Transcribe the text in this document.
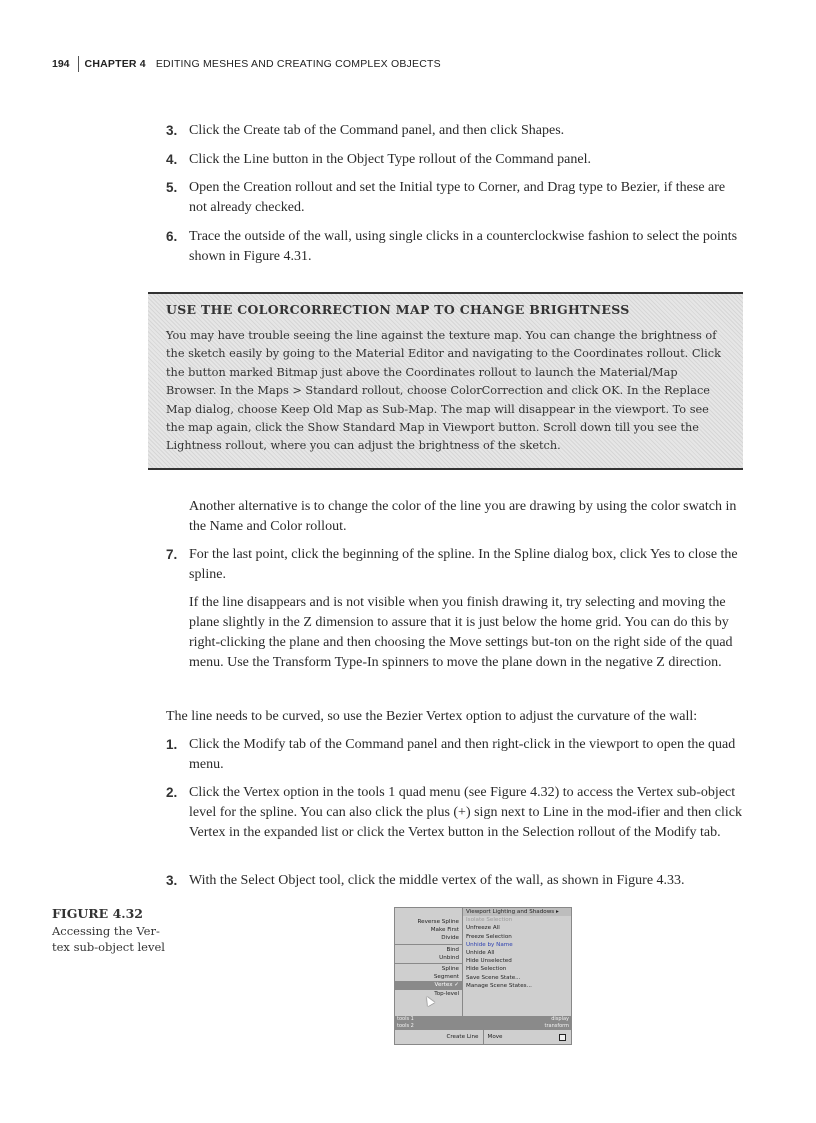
194 CHAPTER 4 EDITING MESHES AND CREATING COMPLEX OBJECTS
3. Click the Create tab of the Command panel, and then click Shapes.
4. Click the Line button in the Object Type rollout of the Command panel.
5. Open the Creation rollout and set the Initial type to Corner, and Drag type to Bezier, if these are not already checked.
6. Trace the outside of the wall, using single clicks in a counterclockwise fashion to select the points shown in Figure 4.31.
USE THE COLORCORRECTION MAP TO CHANGE BRIGHTNESS
You may have trouble seeing the line against the texture map. You can change the brightness of the sketch easily by going to the Material Editor and navigating to the Coordinates rollout. Click the button marked Bitmap just above the Coordinates rollout to launch the Material/Map Browser. In the Maps > Standard rollout, choose ColorCorrection and click OK. In the Replace Map dialog, choose Keep Old Map as Sub-Map. The map will disappear in the viewport. To see the map again, click the Show Standard Map in Viewport button. Scroll down till you see the Lightness rollout, where you can adjust the brightness of the sketch.
Another alternative is to change the color of the line you are drawing by using the color swatch in the Name and Color rollout.
7. For the last point, click the beginning of the spline. In the Spline dialog box, click Yes to close the spline.
If the line disappears and is not visible when you finish drawing it, try selecting and moving the plane slightly in the Z dimension to assure that it is just below the home grid. You can do this by right-clicking the plane and then choosing the Move settings but-ton on the right side of the quad menu. Use the Transform Type-In spinners to move the plane down in the negative Z direction.
The line needs to be curved, so use the Bezier Vertex option to adjust the curvature of the wall:
1. Click the Modify tab of the Command panel and then right-click in the viewport to open the quad menu.
2. Click the Vertex option in the tools 1 quad menu (see Figure 4.32) to access the Vertex sub-object level for the spline. You can also click the plus (+) sign next to Line in the mod-ifier and then click Vertex in the expanded list or click the Vertex button in the Selection rollout of the Modify tab.
3. With the Select Object tool, click the middle vertex of the wall, as shown in Figure 4.33.
FIGURE 4.32
Accessing the Ver-tex sub-object level
Reverse Spline
Make First
Divide
Bind
Unbind
Spline
Segment
Vertex ✓
Top-level
Viewport Lighting and Shadows ▸
Isolate Selection
Unfreeze All
Freeze Selection
Unhide by Name
Unhide All
Hide Unselected
Hide Selection
Save Scene State...
Manage Scene States...
tools 1	display
tools 2	transform
Create Line	Move
